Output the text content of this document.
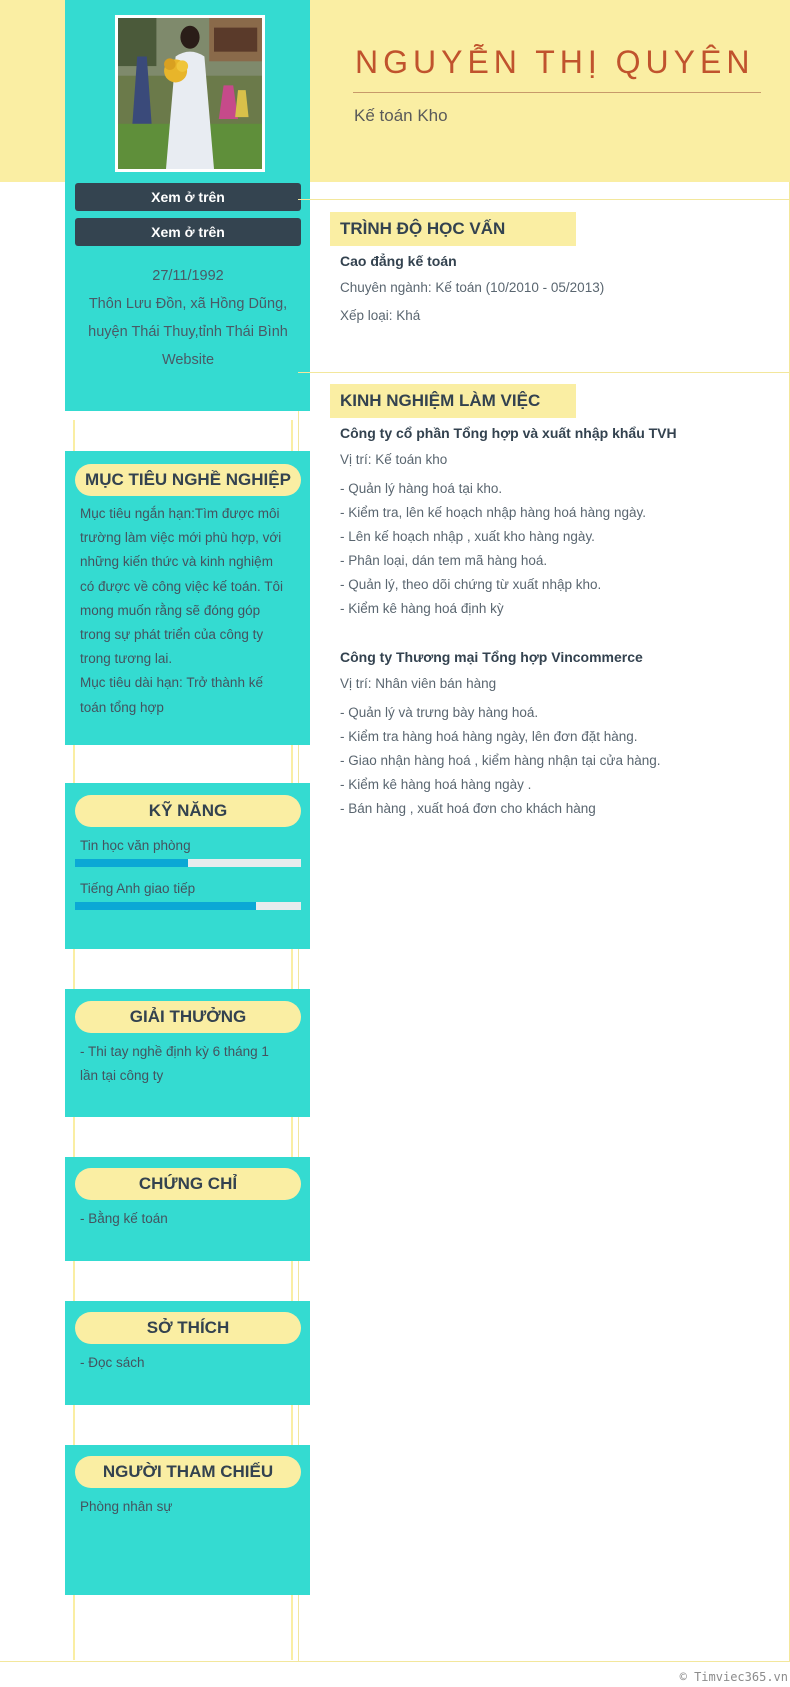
Xem ở trên
Xem ở trên
27/11/1992
Thôn Lưu Đồn, xã Hồng Dũng,
huyện Thái Thuy,tỉnh Thái Bình
Website
MỤC TIÊU NGHỀ NGHIỆP
Mục tiêu ngắn hạn:Tìm được môi
trường làm việc mới phù hợp, với
những kiến thức và kinh nghiệm
có được về công việc kế toán. Tôi
mong muốn rằng sẽ đóng góp
trong sự phát triển của công ty
trong tương lai.
Mục tiêu dài hạn: Trở thành kế
toán tổng hợp
KỸ NĂNG
Tin học văn phòng
Tiếng Anh giao tiếp
GIẢI THƯỞNG
- Thi tay nghề định kỳ 6 tháng 1
lần tại công ty
CHỨNG CHỈ
- Bằng kế toán
SỞ THÍCH
- Đọc sách
NGƯỜI THAM CHIẾU
Phòng nhân sự
NGUYỄN THỊ QUYÊN
Kế toán Kho
TRÌNH ĐỘ HỌC VẤN
Cao đẳng kế toán
Chuyên ngành: Kế toán (10/2010 - 05/2013)
Xếp loại: Khá
KINH NGHIỆM LÀM VIỆC
Công ty cổ phần Tổng hợp và xuất nhập khẩu TVH
Vị trí: Kế toán kho
- Quản lý hàng hoá tại kho.
- Kiểm tra, lên kế hoạch nhập hàng hoá hàng ngày.
- Lên kế hoạch nhập , xuất kho hàng ngày.
- Phân loại, dán tem mã hàng hoá.
- Quản lý, theo dõi chứng từ xuất nhập kho.
- Kiểm kê hàng hoá định kỳ
Công ty Thương mại Tổng hợp Vincommerce
Vị trí: Nhân viên bán hàng
- Quản lý và trưng bày hàng hoá.
- Kiểm tra hàng hoá hàng ngày, lên đơn đặt hàng.
- Giao nhận hàng hoá , kiểm hàng nhận tại cửa hàng.
- Kiểm kê hàng hoá hàng ngày .
- Bán hàng , xuất hoá đơn cho khách hàng
© Timviec365.vn
